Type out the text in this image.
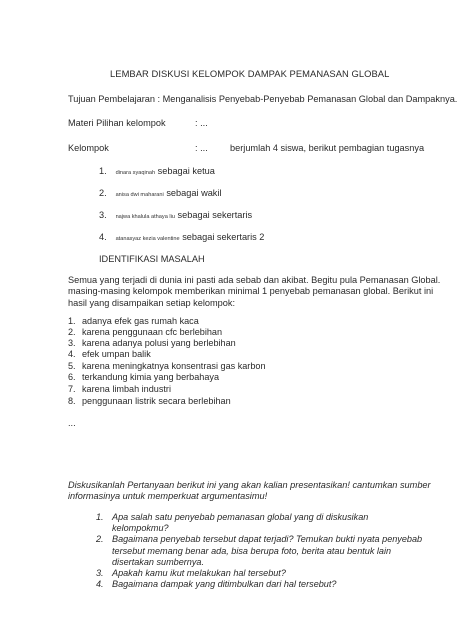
LEMBAR DISKUSI KELOMPOK DAMPAK PEMANASAN GLOBAL
Tujuan Pembelajaran : Menganalisis Penyebab-Penyebab Pemanasan Global dan Dampaknya.
Materi Pilihan kelompok	: ...
Kelompok	: ... berjumlah 4 siswa, berikut pembagian tugasnya
1. dinara syaqinah sebagai ketua
2. anisa dwi maharani sebagai wakil
3. najwa khalula athaya liu sebagai sekertaris
4. atanasyaz kezia valentine sebagai sekertaris 2
IDENTIFIKASI MASALAH
Semua yang terjadi di dunia ini pasti ada sebab dan akibat. Begitu pula Pemanasan Global. masing-masing kelompok memberikan minimal 1 penyebab pemanasan global. Berikut ini hasil yang disampaikan setiap kelompok:
1. adanya efek gas rumah kaca
2. karena penggunaan cfc berlebihan
3. karena adanya polusi yang berlebihan
4. efek umpan balik
5. karena meningkatnya konsentrasi gas karbon
6. terkandung kimia yang berbahaya
7. karena limbah industri
8. penggunaan listrik secara berlebihan
...
Diskusikanlah Pertanyaan berikut ini yang akan kalian presentasikan! cantumkan sumber informasinya untuk memperkuat argumentasimu!
1. Apa salah satu penyebab pemanasan global yang di diskusikan kelompokmu?
2. Bagaimana penyebab tersebut dapat terjadi? Temukan bukti nyata penyebab tersebut memang benar ada, bisa berupa foto, berita atau bentuk lain disertakan sumbernya.
3. Apakah kamu ikut melakukan hal tersebut?
4. Bagaimana dampak yang ditimbulkan dari hal tersebut?
